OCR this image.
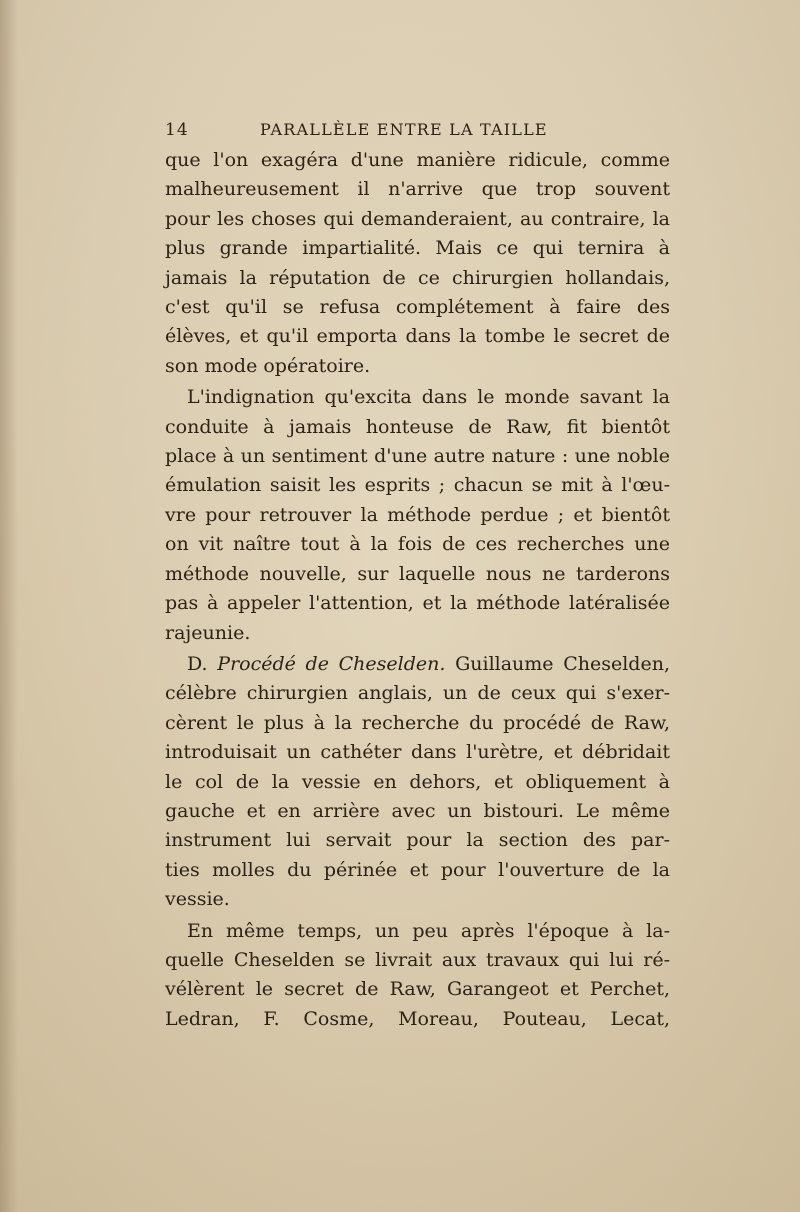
14	PARALLÈLE ENTRE LA TAILLE

que l'on exagéra d'une manière ridicule, comme
malheureusement il n'arrive que trop souvent
pour les choses qui demanderaient, au contraire, la
plus grande impartialité. Mais ce qui ternira à
jamais la réputation de ce chirurgien hollandais,
c'est qu'il se refusa complétement à faire des
élèves, et qu'il emporta dans la tombe le secret de
son mode opératoire.

L'indignation qu'excita dans le monde savant la
conduite à jamais honteuse de Raw, fit bientôt
place à un sentiment d'une autre nature : une noble
émulation saisit les esprits ; chacun se mit à l'œu-
vre pour retrouver la méthode perdue ; et bientôt
on vit naître tout à la fois de ces recherches une
méthode nouvelle, sur laquelle nous ne tarderons
pas à appeler l'attention, et la méthode latéralisée
rajeunie.

D. Procédé de Cheselden. Guillaume Cheselden,
célèbre chirurgien anglais, un de ceux qui s'exer-
cèrent le plus à la recherche du procédé de Raw,
introduisait un cathéter dans l'urètre, et débridait
le col de la vessie en dehors, et obliquement à
gauche et en arrière avec un bistouri. Le même
instrument lui servait pour la section des par-
ties molles du périnée et pour l'ouverture de la
vessie.

En même temps, un peu après l'époque à la-
quelle Cheselden se livrait aux travaux qui lui ré-
vélèrent le secret de Raw, Garangeot et Perchet,
Ledran, F. Cosme, Moreau, Pouteau, Lecat,
